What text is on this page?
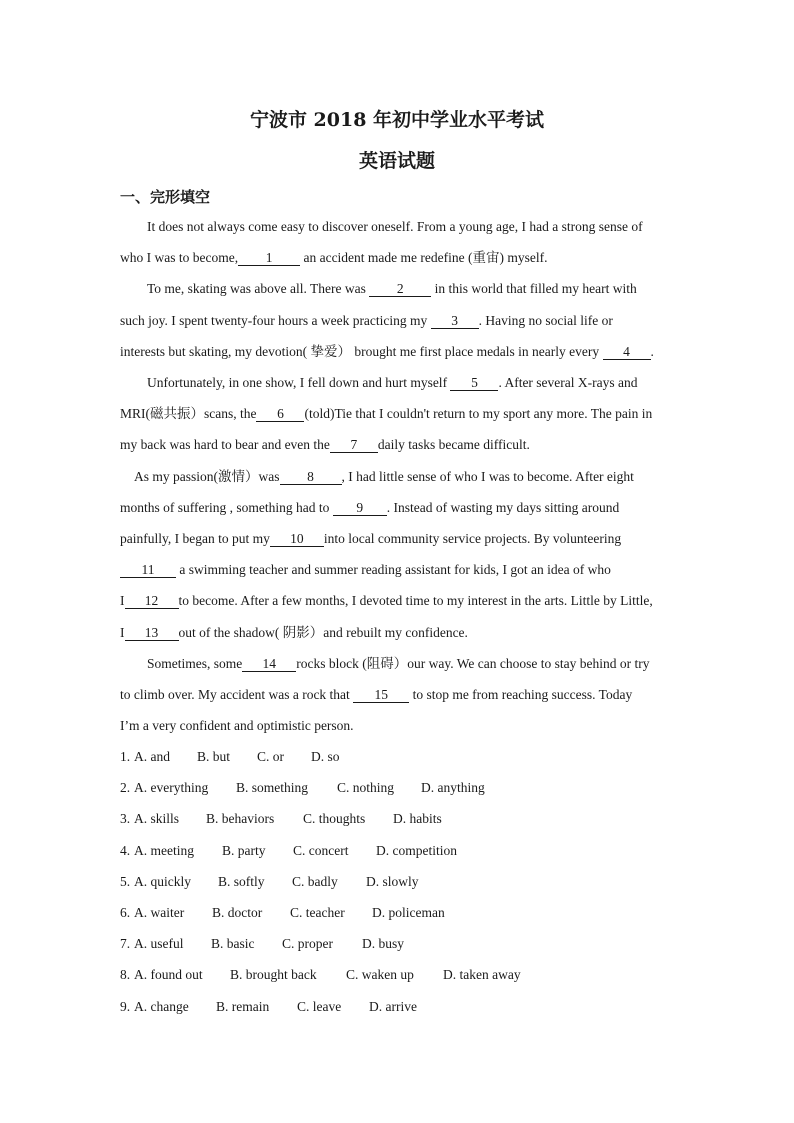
宁波市 2018 年初中学业水平考试
英语试题
一、完形填空

It does not always come easy to discover oneself. From a young age, I had a strong sense of

who I was to become, 1 an accident made me redefine (重宙) myself.

To me, skating was above all. There was 2 in this world that filled my heart with

such joy. I spent twenty-four hours a week practicing my 3 . Having no social life or

interests but skating, my devotion( 挚爱） brought me first place medals in nearly every 4 .

Unfortunately, in one show, I fell down and hurt myself 5 . After several X-rays and

MRI(磁共振）scans, the 6 (told)Tie that I couldn't return to my sport any more. The pain in

my back was hard to bear and even the 7 daily tasks became difficult.

As my passion(激情）was 8 , I had little sense of who I was to become. After eight

months of suffering , something had to 9 . Instead of wasting my days sitting around

painfully, I began to put my 10 into local community service projects. By volunteering

11 a swimming teacher and summer reading assistant for kids, I got an idea of who

I 12 to become. After a few months, I devoted time to my interest in the arts. Little by Little,

I 13 out of the shadow( 阴影）and rebuilt my confidence.

Sometimes, some 14 rocks block (阻碍）our way. We can choose to stay behind or try

to climb over. My accident was a rock that 15 to stop me from reaching success. Today

I’m a very confident and optimistic person.

1. A. and B. but C. or D. so

2. A. everything B. something C. nothing D. anything

3. A. skills B. behaviors C. thoughts D. habits

4. A. meeting B. party C. concert D. competition

5. A. quickly B. softly C. badly D. slowly

6. A. waiter B. doctor C. teacher D. policeman

7. A. useful B. basic C. proper D. busy

8. A. found out B. brought back C. waken up D. taken away

9. A. change B. remain C. leave D. arrive
